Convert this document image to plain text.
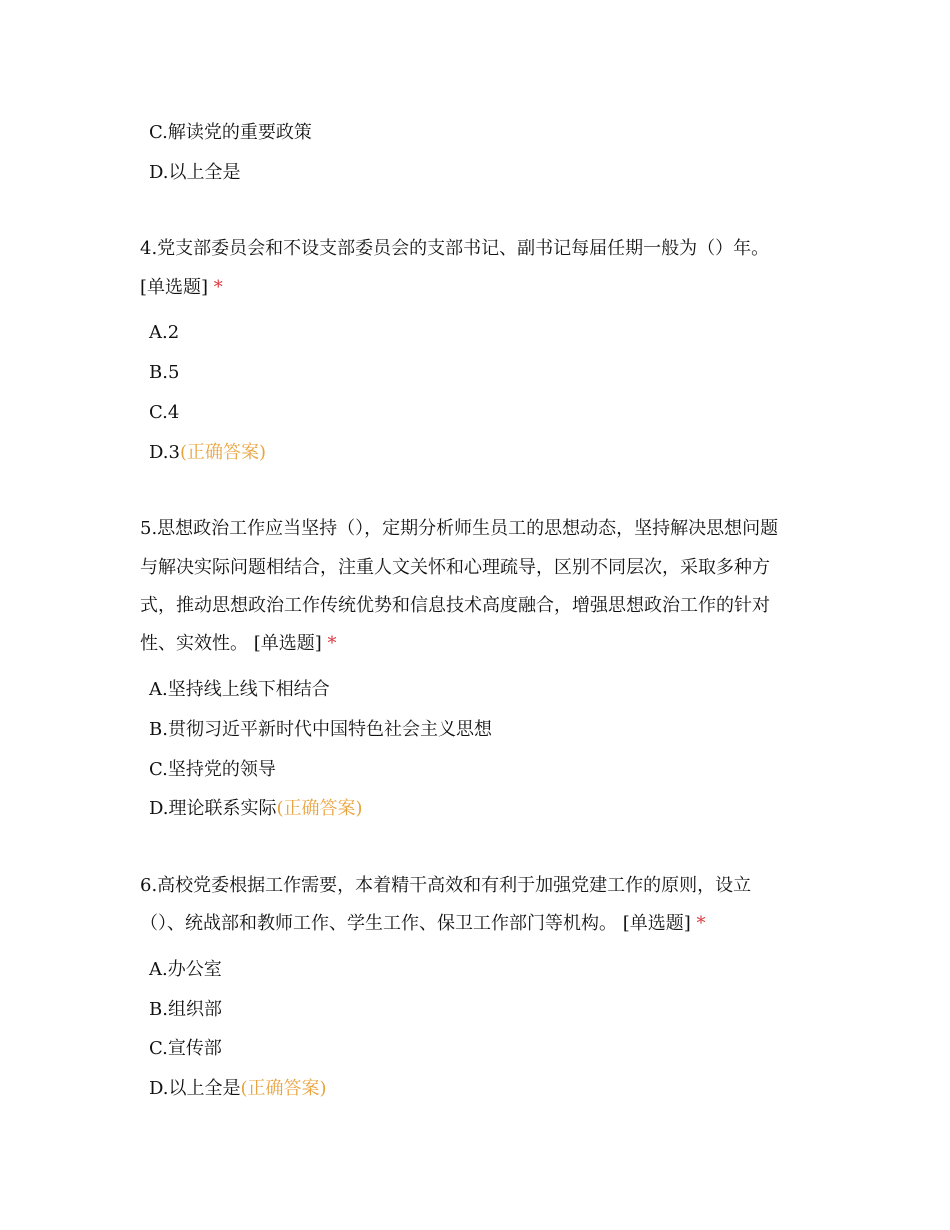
C.解读党的重要政策
D.以上全是
4.党支部委员会和不设支部委员会的支部书记、副书记每届任期一般为（）年。
[单选题] *
A.2
B.5
C.4
D.3(正确答案)
5.思想政治工作应当坚持（），定期分析师生员工的思想动态，坚持解决思想问题
与解决实际问题相结合，注重人文关怀和心理疏导，区别不同层次，采取多种方
式，推动思想政治工作传统优势和信息技术高度融合，增强思想政治工作的针对
性、实效性。 [单选题] *
A.坚持线上线下相结合
B.贯彻习近平新时代中国特色社会主义思想
C.坚持党的领导
D.理论联系实际(正确答案)
6.高校党委根据工作需要，本着精干高效和有利于加强党建工作的原则，设立
（）、统战部和教师工作、学生工作、保卫工作部门等机构。 [单选题] *
A.办公室
B.组织部
C.宣传部
D.以上全是(正确答案)
